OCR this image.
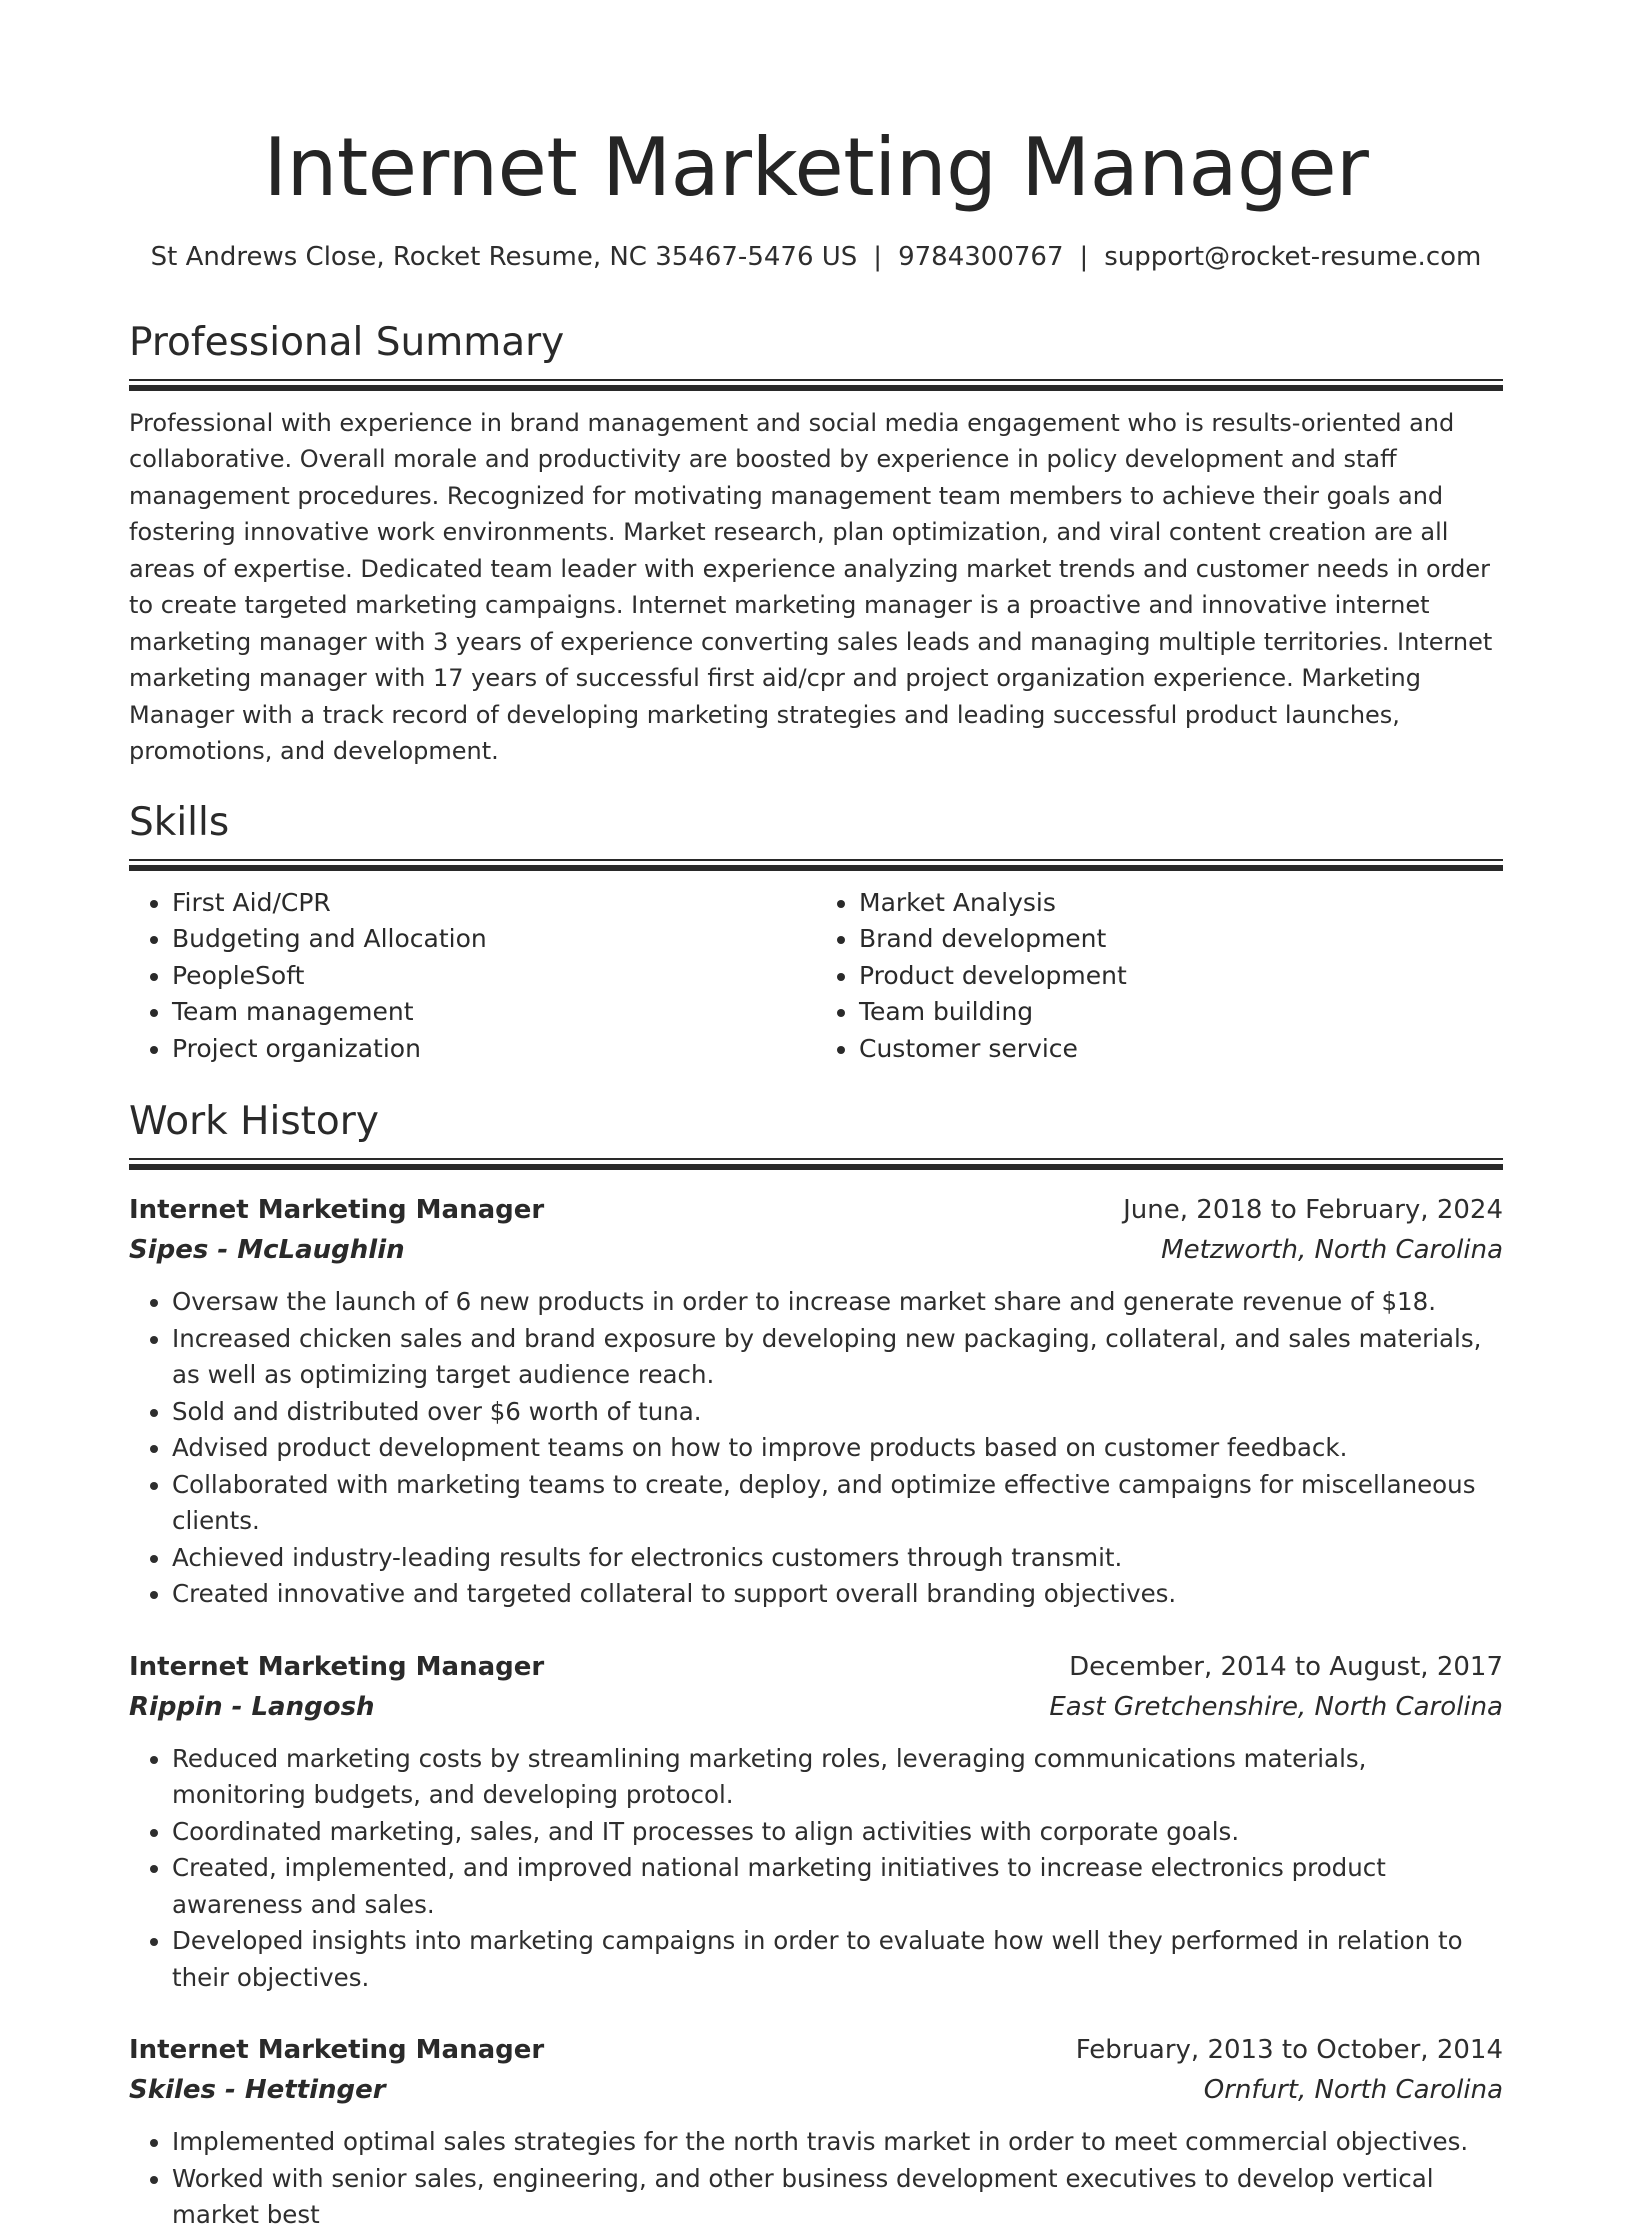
Internet Marketing Manager
St Andrews Close, Rocket Resume, NC 35467-5476 US | 9784300767 | support@rocket-resume.com
Professional Summary

Professional with experience in brand management and social media engagement who is results-oriented and collaborative. Overall morale and productivity are boosted by experience in policy development and staff management procedures. Recognized for motivating management team members to achieve their goals and fostering innovative work environments. Market research, plan optimization, and viral content creation are all areas of expertise. Dedicated team leader with experience analyzing market trends and customer needs in order to create targeted marketing campaigns. Internet marketing manager is a proactive and innovative internet marketing manager with 3 years of experience converting sales leads and managing multiple territories. Internet marketing manager with 17 years of successful first aid/cpr and project organization experience. Marketing Manager with a track record of developing marketing strategies and leading successful product launches, promotions, and development.

Skills
• First Aid/CPR
• Budgeting and Allocation
• PeopleSoft
• Team management
• Project organization
• Market Analysis
• Brand development
• Product development
• Team building
• Customer service
Work History
Internet Marketing Manager	June, 2018 to February, 2024
Sipes - McLaughlin	Metzworth, North Carolina
• Oversaw the launch of 6 new products in order to increase market share and generate revenue of $18.
• Increased chicken sales and brand exposure by developing new packaging, collateral, and sales materials, as well as optimizing target audience reach.
• Sold and distributed over $6 worth of tuna.
• Advised product development teams on how to improve products based on customer feedback.
• Collaborated with marketing teams to create, deploy, and optimize effective campaigns for miscellaneous clients.
• Achieved industry-leading results for electronics customers through transmit.
• Created innovative and targeted collateral to support overall branding objectives.
Internet Marketing Manager	December, 2014 to August, 2017
Rippin - Langosh	East Gretchenshire, North Carolina
• Reduced marketing costs by streamlining marketing roles, leveraging communications materials, monitoring budgets, and developing protocol.
• Coordinated marketing, sales, and IT processes to align activities with corporate goals.
• Created, implemented, and improved national marketing initiatives to increase electronics product awareness and sales.
• Developed insights into marketing campaigns in order to evaluate how well they performed in relation to their objectives.
Internet Marketing Manager	February, 2013 to October, 2014
Skiles - Hettinger	Ornfurt, North Carolina
• Implemented optimal sales strategies for the north travis market in order to meet commercial objectives.
• Worked with senior sales, engineering, and other business development executives to develop vertical market best
